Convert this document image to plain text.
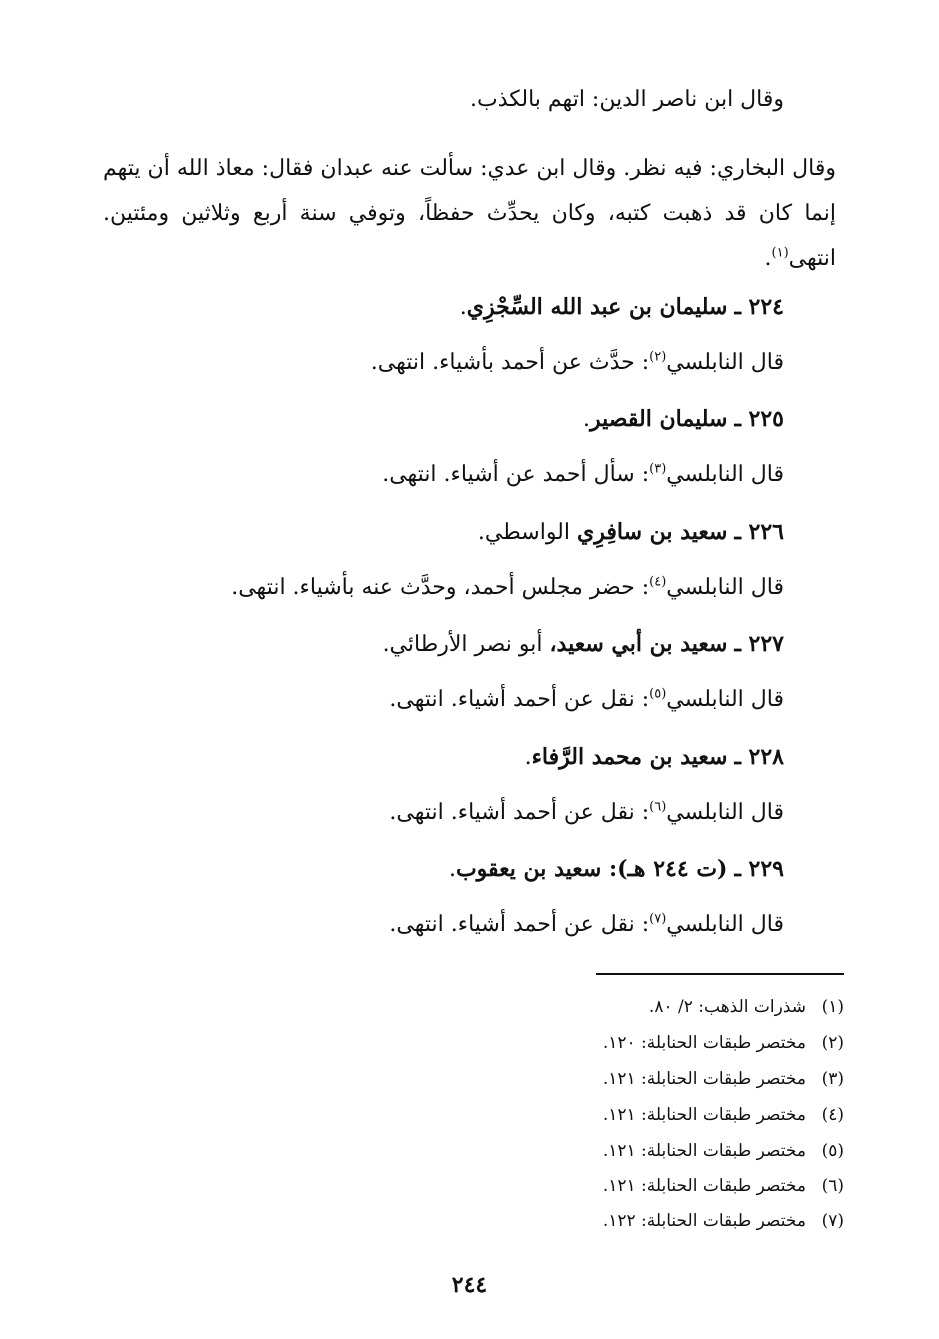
وقال ابن ناصر الدين: اتهم بالكذب.
وقال البخاري: فيه نظر. وقال ابن عدي: سألت عنه عبدان فقال: معاذ الله أن يتهم إنما كان قد ذهبت كتبه، وكان يحدِّث حفظاً، وتوفي سنة أربع وثلاثين ومئتين. انتهى$^{(١)}$.
٢٢٤ ـ سليمان بن عبد الله السِّجْزِي.
قال النابلسي$^{(٢)}$: حدَّث عن أحمد بأشياء. انتهى.
٢٢٥ ـ سليمان القصير.
قال النابلسي$^{(٣)}$: سأل أحمد عن أشياء. انتهى.
٢٢٦ ـ سعيد بن سافِرِي الواسطي.
قال النابلسي$^{(٤)}$: حضر مجلس أحمد، وحدَّث عنه بأشياء. انتهى.
٢٢٧ ـ سعيد بن أبي سعيد، أبو نصر الأرطائي.
قال النابلسي$^{(٥)}$: نقل عن أحمد أشياء. انتهى.
٢٢٨ ـ سعيد بن محمد الرَّفاء.
قال النابلسي$^{(٦)}$: نقل عن أحمد أشياء. انتهى.
٢٢٩ ـ (ت ٢٤٤ هـ): سعيد بن يعقوب.
قال النابلسي$^{(٧)}$: نقل عن أحمد أشياء. انتهى.
(١)شذرات الذهب: ٢/ ٨٠.
(٢)مختصر طبقات الحنابلة: ١٢٠.
(٣)مختصر طبقات الحنابلة: ١٢١.
(٤)مختصر طبقات الحنابلة: ١٢١.
(٥)مختصر طبقات الحنابلة: ١٢١.
(٦)مختصر طبقات الحنابلة: ١٢١.
(٧)مختصر طبقات الحنابلة: ١٢٢.
٢٤٤
